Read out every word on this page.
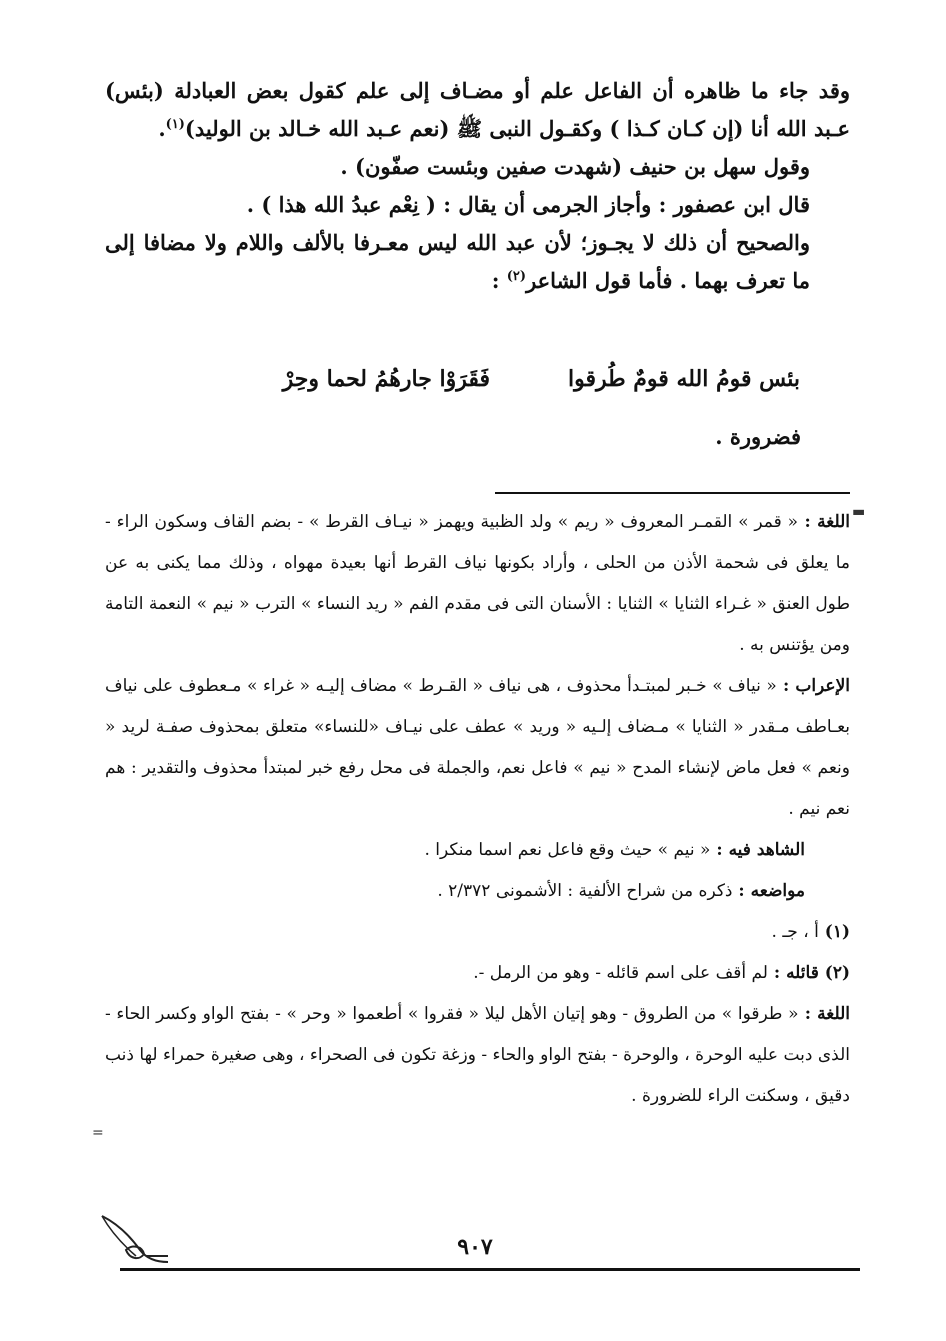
وقد جاء ما ظاهره أن الفاعل علم أو مضـاف إلى علم كقول بعض العبادلة (بئس) عـبد الله أنا (إن كـان كـذا ) وكقـول النبى ﷺ (نعم عـبد الله خـالد بن الوليد)$^{(١)}$.

وقول سهل بن حنيف (شهدت صفين وبئست صفّون) .

قال ابن عصفور : وأجاز الجرمى أن يقال : ( نِعْم عبدُ الله هذا ) .

والصحيح أن ذلك لا يجـوز؛ لأن عبد الله ليس معـرفا بالألف واللام ولا مضافا إلى ما تعرف بهما . فأما قول الشاعر$^{(٢)}$ :

بئس قومُ الله قومٌ طُرقوا
فَقَرَوْا جارهُمُ لحما وحِرْ
فضرورة .
▬

اللغة : « قمر » القمـر المعروف « ريم » ولد الظبية ويهمز « نيـاف القرط » - بضم القاف وسكون الراء - ما يعلق فى شحمة الأذن من الحلى ، وأراد بكونها نياف القرط أنها بعيدة مهواه ، وذلك مما يكنى به عن طول العنق « غـراء الثنايا » الثنايا : الأسنان التى فى مقدم الفم « ريد النساء » الترب « نيم » النعمة التامة ومن يؤتنس به .

الإعراب : « نياف » خـبر لمبتـدأ محذوف ، هى نياف « القـرط » مضاف إليـه « غراء » مـعطوف على نياف بعـاطف مـقدر « الثنايا » مـضاف إلـيه « وريد » عطف على نيـاف «للنساء» متعلق بمحذوف صفـة لريد « ونعم » فعل ماض لإنشاء المدح « نيم » فاعل نعم، والجملة فى محل رفع خبر لمبتدأ محذوف والتقدير : هم نعم نيم .

الشاهد فيه : « نيم » حيث وقع فاعل نعم اسما منكرا .

مواضعه : ذكره من شراح الألفية : الأشمونى ٢/٣٧٢ .

(١) أ ، جـ .

(٢) قائله : لم أقف على اسم قائله - وهو من الرمل -.

اللغة : « طرقوا » من الطروق - وهو إتيان الأهل ليلا « فقروا » أطعموا « وحر » - بفتح الواو وكسر الحاء - الذى دبت عليه الوحرة ، والوحرة - بفتح الواو والحاء - وزغة تكون فى الصحراء ، وهى صغيرة حمراء لها ذنب دقيق ، وسكنت الراء للضرورة .

=
٩٠٧
